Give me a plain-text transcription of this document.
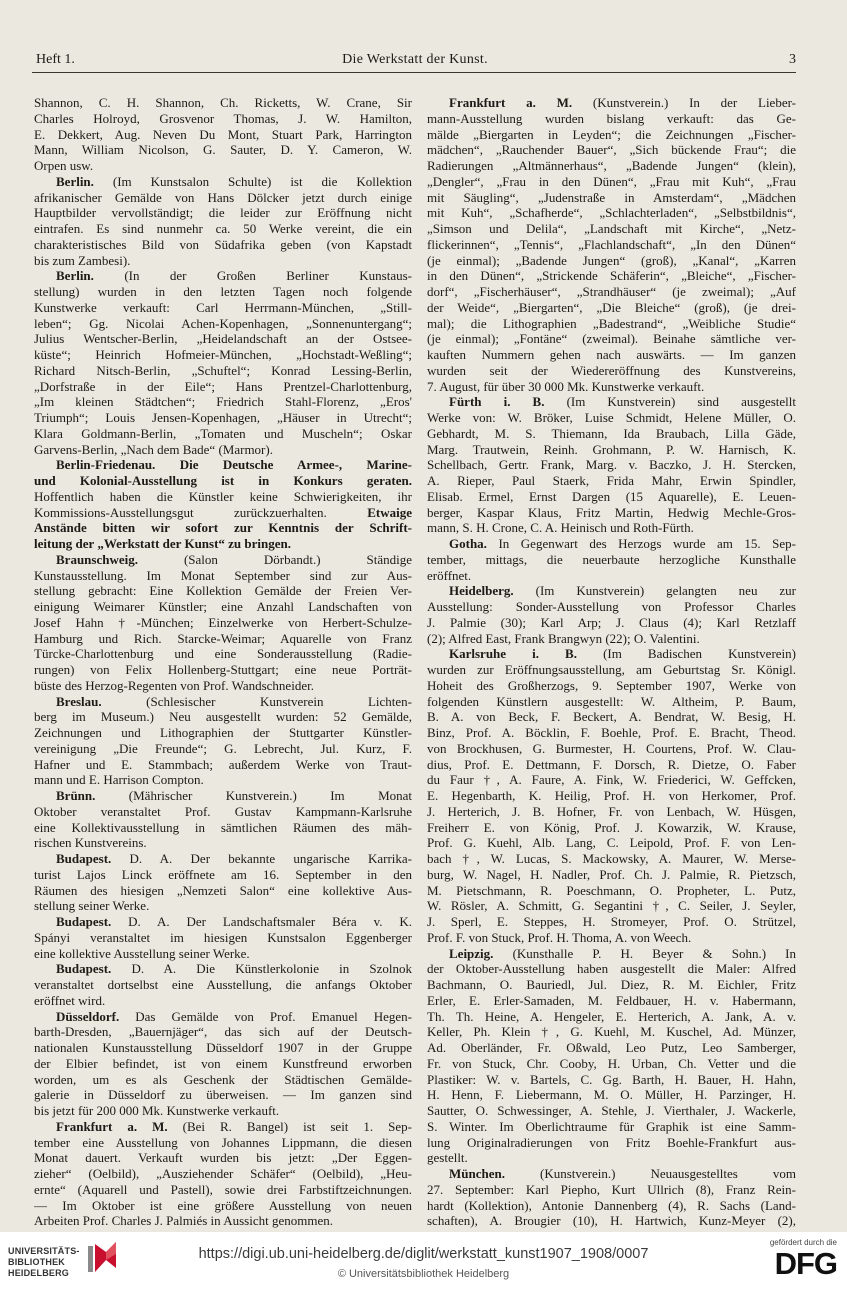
Heft 1.	Die Werkstatt der Kunst.	3
Shannon, C. H. Shannon, Ch. Ricketts, W. Crane, Sir
Charles Holroyd, Grosvenor Thomas, J. W. Hamilton,
E. Dekkert, Aug. Neven Du Mont, Stuart Park, Harrington
Mann, William Nicolson, G. Sauter, D. Y. Cameron, W.
Orpen usw.
Berlin. (Im Kunstsalon Schulte) ist die Kollektion
afrikanischer Gemälde von Hans Dölcker jetzt durch einige
Hauptbilder vervollständigt; die leider zur Eröffnung nicht
eintrafen. Es sind nunmehr ca. 50 Werke vereint, die ein
charakteristisches Bild von Südafrika geben (von Kapstadt
bis zum Zambesi).
Berlin. (In der Großen Berliner Kunstaus-
stellung) wurden in den letzten Tagen noch folgende
Kunstwerke verkauft: Carl Herrmann-München, „Still-
leben“; Gg. Nicolai Achen-Kopenhagen, „Sonnenuntergang“;
Julius Wentscher-Berlin, „Heidelandschaft an der Ostsee-
küste“; Heinrich Hofmeier-München, „Hochstadt-Weßling“;
Richard Nitsch-Berlin, „Schuftel“; Konrad Lessing-Berlin,
„Dorfstraße in der Eile“; Hans Prentzel-Charlottenburg,
„Im kleinen Städtchen“; Friedrich Stahl-Florenz, „Eros'
Triumph“; Louis Jensen-Kopenhagen, „Häuser in Utrecht“;
Klara Goldmann-Berlin, „Tomaten und Muscheln“; Oskar
Garvens-Berlin, „Nach dem Bade“ (Marmor).
Berlin-Friedenau. Die Deutsche Armee-, Marine-
und Kolonial-Ausstellung ist in Konkurs geraten.
Hoffentlich haben die Künstler keine Schwierigkeiten, ihr
Kommissions-Ausstellungsgut zurückzuerhalten. Etwaige
Anstände bitten wir sofort zur Kenntnis der Schrift-
leitung der „Werkstatt der Kunst“ zu bringen.
Braunschweig.	(Salon Dörbandt.) Ständige
Kunstausstellung. Im Monat September sind zur Aus-
stellung gebracht: Eine Kollektion Gemälde der Freien Ver-
einigung Weimarer Künstler; eine Anzahl Landschaften von
Josef Hahn †-München; Einzelwerke von Herbert-Schulze-
Hamburg und Rich. Starcke-Weimar; Aquarelle von Franz
Türcke-Charlottenburg und eine Sonderausstellung (Radie-
rungen) von Felix Hollenberg-Stuttgart; eine neue Porträt-
büste des Herzog-Regenten von Prof. Wandschneider.
Breslau.	(Schlesischer Kunstverein Lichten-
berg im Museum.) Neu ausgestellt wurden: 52 Gemälde,
Zeichnungen und Lithographien der Stuttgarter Künstler-
vereinigung „Die Freunde“; G. Lebrecht, Jul. Kurz, F.
Hafner und E. Stammbach; außerdem Werke von Traut-
mann und E. Harrison Compton.
Brünn.	(Mährischer Kunstverein.) Im Monat
Oktober veranstaltet Prof. Gustav Kampmann-Karlsruhe
eine Kollektivausstellung in sämtlichen Räumen des mäh-
rischen Kunstvereins.
Budapest. D. A. Der bekannte ungarische Karrika-
turist Lajos Linck eröffnete am 16. September in den
Räumen des hiesigen „Nemzeti Salon“ eine kollektive Aus-
stellung seiner Werke.
Budapest. D. A. Der Landschaftsmaler Béra v. K.
Spányi veranstaltet im hiesigen Kunstsalon Eggenberger
eine kollektive Ausstellung seiner Werke.
Budapest. D. A. Die Künstlerkolonie in Szolnok
veranstaltet dortselbst eine Ausstellung, die anfangs Oktober
eröffnet wird.
Düsseldorf. Das Gemälde von Prof. Emanuel Hegen-
barth-Dresden, „Bauernjäger“, das sich auf der Deutsch-
nationalen Kunstausstellung Düsseldorf 1907 in der Gruppe
der Elbier befindet, ist von einem Kunstfreund erworben
worden, um es als Geschenk der Städtischen Gemälde-
galerie in Düsseldorf zu überweisen. — Im ganzen sind
bis jetzt für 200 000 Mk. Kunstwerke verkauft.
Frankfurt a. M. (Bei R. Bangel) ist seit 1. Sep-
tember eine Ausstellung von Johannes Lippmann, die diesen
Monat dauert. Verkauft wurden bis jetzt: „Der Eggen-
zieher“ (Oelbild), „Ausziehender Schäfer“ (Oelbild), „Heu-
ernte“ (Aquarell und Pastell), sowie drei Farbstiftzeichnungen.
— Im Oktober ist eine größere Ausstellung von neuen
Arbeiten Prof. Charles J. Palmiés in Aussicht genommen.
Frankfurt a. M. (Kunstverein.) In der Lieber-
mann-Ausstellung wurden bislang verkauft: das Ge-
mälde „Biergarten in Leyden“; die Zeichnungen „Fischer-
mädchen“, „Rauchender Bauer“, „Sich bückende Frau“; die
Radierungen „Altmännerhaus“, „Badende Jungen“ (klein),
„Dengler“, „Frau in den Dünen“, „Frau mit Kuh“, „Frau
mit Säugling“, „Judenstraße in Amsterdam“, „Mädchen
mit Kuh“, „Schafherde“, „Schlachterladen“, „Selbstbildnis“,
„Simson und Delila“, „Landschaft mit Kirche“, „Netz-
flickerinnen“, „Tennis“, „Flachlandschaft“, „In den Dünen“
(je einmal); „Badende Jungen“ (groß), „Kanal“, „Karren
in den Dünen“, „Strickende Schäferin“, „Bleiche“, „Fischer-
dorf“, „Fischerhäuser“, „Strandhäuser“ (je zweimal); „Auf
der Weide“, „Biergarten“, „Die Bleiche“ (groß), (je drei-
mal); die Lithographien „Badestrand“, „Weibliche Studie“
(je einmal); „Fontäne“ (zweimal). Beinahe sämtliche ver-
kauften Nummern gehen nach auswärts. — Im ganzen
wurden seit der Wiedereröffnung des Kunstvereins,
7. August, für über 30 000 Mk. Kunstwerke verkauft.
Fürth i. B. (Im Kunstverein) sind ausgestellt
Werke von: W. Bröker, Luise Schmidt, Helene Müller, O.
Gebhardt, M. S. Thiemann, Ida Braubach, Lilla Gäde,
Marg. Trautwein, Reinh. Grohmann, P. W. Harnisch, K.
Schellbach, Gertr. Frank, Marg. v. Baczko, J. H. Stercken,
A. Rieper, Paul Staerk, Frida Mahr, Erwin Spindler,
Elisab. Ermel, Ernst Dargen (15 Aquarelle), E. Leuen-
berger, Kaspar Klaus, Fritz Martin, Hedwig Mechle-Gros-
mann, S. H. Crone, C. A. Heinisch und Roth-Fürth.
Gotha. In Gegenwart des Herzogs wurde am 15. Sep-
tember, mittags, die neuerbaute herzogliche Kunsthalle
eröffnet.
Heidelberg. (Im Kunstverein) gelangten neu zur
Ausstellung: Sonder-Ausstellung von Professor Charles
J. Palmie (30); Karl Arp; J. Claus (4); Karl Retzlaff
(2); Alfred East, Frank Brangwyn (22); O. Valentini.
Karlsruhe i. B. (Im Badischen Kunstverein)
wurden zur Eröffnungsausstellung, am Geburtstag Sr. Königl.
Hoheit des Großherzogs, 9. September 1907, Werke von
folgenden Künstlern ausgestellt: W. Altheim, P. Baum,
B. A. von Beck, F. Beckert, A. Bendrat, W. Besig, H.
Binz, Prof. A. Böcklin, F. Boehle, Prof. E. Bracht, Theod.
von Brockhusen, G. Burmester, H. Courtens, Prof. W. Clau-
dius, Prof. E. Dettmann, F. Dorsch, R. Dietze, O. Faber
du Faur †, A. Faure, A. Fink, W. Friederici, W. Geffcken,
E. Hegenbarth, K. Heilig, Prof. H. von Herkomer, Prof.
J. Herterich, J. B. Hofner, Fr. von Lenbach, W. Hüsgen,
Freiherr E. von König, Prof. J. Kowarzik, W. Krause,
Prof. G. Kuehl, Alb. Lang, C. Leipold, Prof. F. von Len-
bach †, W. Lucas, S. Mackowsky, A. Maurer, W. Merse-
burg, W. Nagel, H. Nadler, Prof. Ch. J. Palmie, R. Pietzsch,
M. Pietschmann, R. Poeschmann, O. Propheter, L. Putz,
W. Rösler, A. Schmitt, G. Segantini †, C. Seiler, J. Seyler,
J. Sperl, E. Steppes, H. Stromeyer, Prof. O. Strützel,
Prof. F. von Stuck, Prof. H. Thoma, A. von Weech.
Leipzig. (Kunsthalle P. H. Beyer & Sohn.) In
der Oktober-Ausstellung haben ausgestellt die Maler: Alfred
Bachmann, O. Bauriedl, Jul. Diez, R. M. Eichler, Fritz
Erler, E. Erler-Samaden, M. Feldbauer, H. v. Habermann,
Th. Th. Heine, A. Hengeler, E. Herterich, A. Jank, A. v.
Keller, Ph. Klein †, G. Kuehl, M. Kuschel, Ad. Münzer,
Ad. Oberländer, Fr. Oßwald, Leo Putz, Leo Samberger,
Fr. von Stuck, Chr. Cooby, H. Urban, Ch. Vetter und die
Plastiker: W. v. Bartels, C. Gg. Barth, H. Bauer, H. Hahn,
H. Henn, F. Liebermann, M. O. Müller, H. Parzinger, H.
Sautter, O. Schwessinger, A. Stehle, J. Vierthaler, J. Wackerle,
S. Winter. Im Oberlichtraume für Graphik ist eine Samm-
lung Originalradierungen von Fritz Boehle-Frankfurt aus-
gestellt.
München.	(Kunstverein.) Neuausgestelltes vom
27. September: Karl Piepho, Kurt Ullrich (8), Franz Rein-
hardt (Kollektion), Antonie Dannenberg (4), R. Sachs (Land-
schaften), A. Brougier (10), H. Hartwich, Kunz-Meyer (2),
UNIVERSITÄTS-
BIBLIOTHEK
HEIDELBERG
https://digi.ub.uni-heidelberg.de/diglit/werkstatt_kunst1907_1908/0007
© Universitätsbibliothek Heidelberg
gefördert durch die
DFG
